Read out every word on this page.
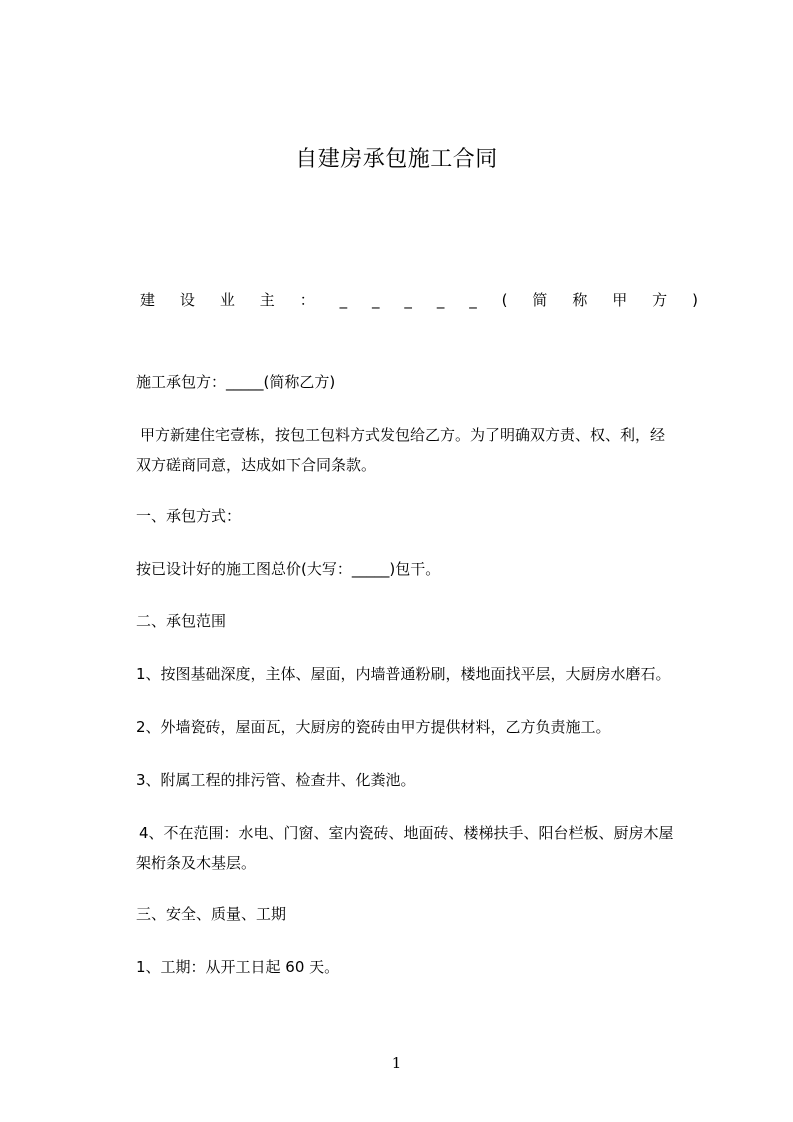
自建房承包施工合同
建 设 业 主 ： _ _ _ _ _ ( 简 称 甲 方 )
施工承包方：_____(简称乙方)
甲方新建住宅壹栋，按包工包料方式发包给乙方。为了明确双方责、权、利，经
双方磋商同意，达成如下合同条款。
一、承包方式：
按已设计好的施工图总价(大写：_____)包干。
二、承包范围
1、按图基础深度，主体、屋面，内墙普通粉刷，楼地面找平层，大厨房水磨石。
2、外墙瓷砖，屋面瓦，大厨房的瓷砖由甲方提供材料，乙方负责施工。
3、附属工程的排污管、检查井、化粪池。
4、不在范围：水电、门窗、室内瓷砖、地面砖、楼梯扶手、阳台栏板、厨房木屋
架桁条及木基层。
三、安全、质量、工期
1、工期：从开工日起 60 天。
1
